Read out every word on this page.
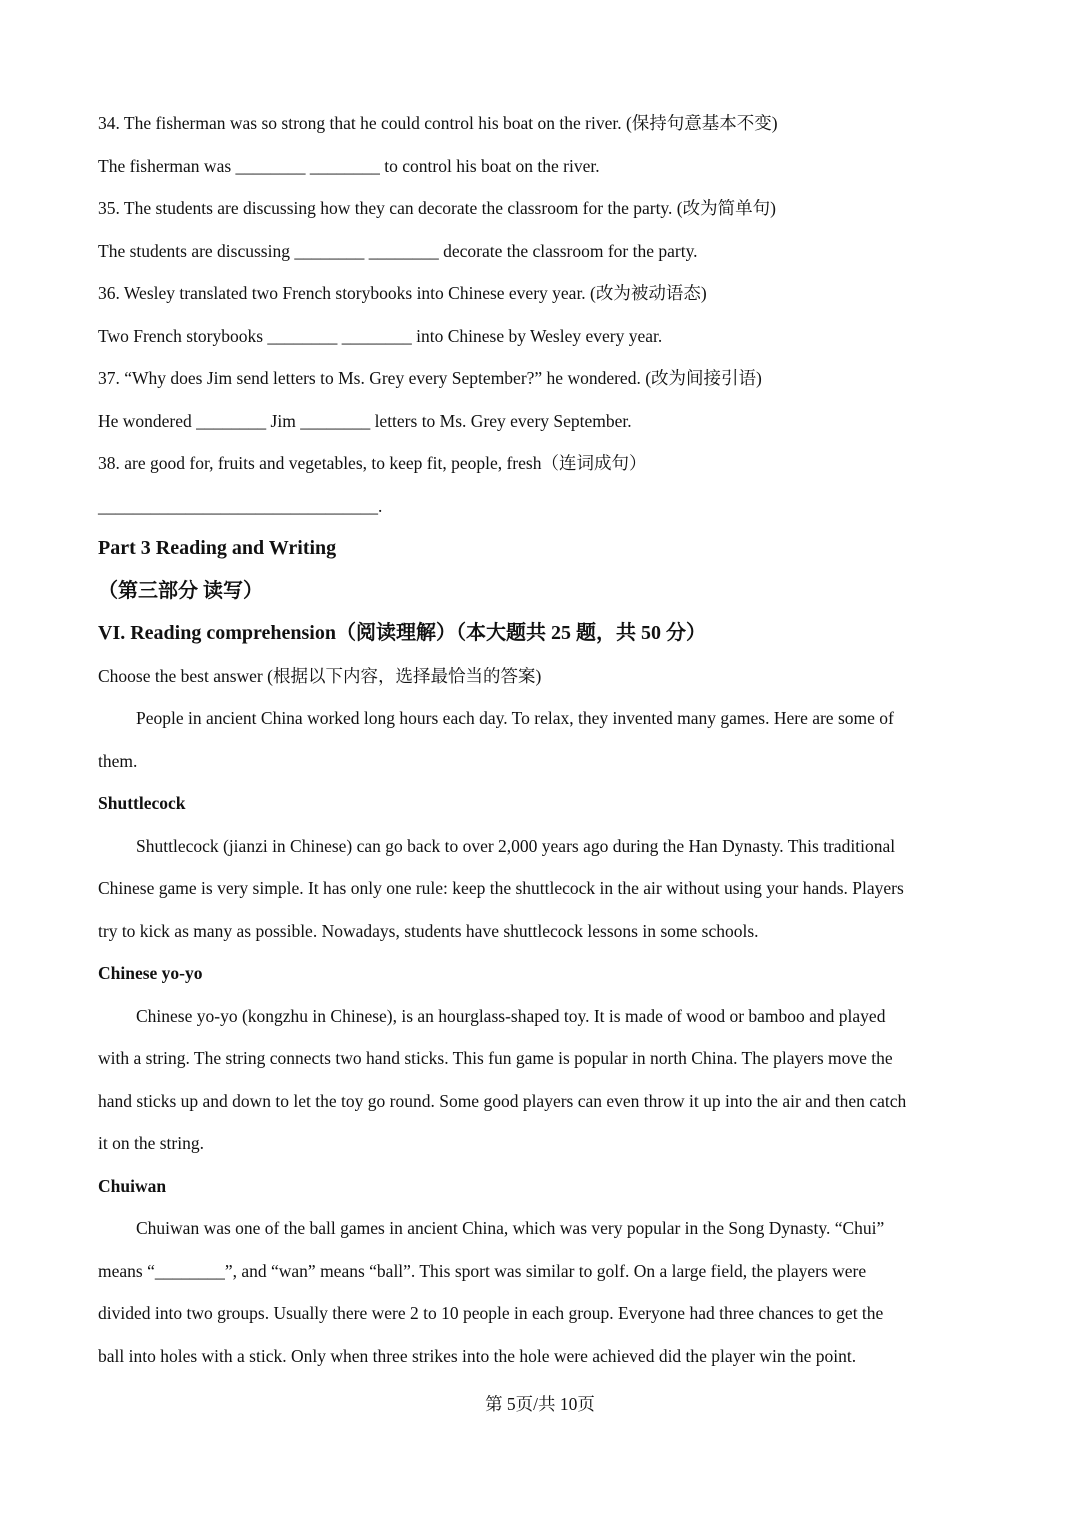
34. The fisherman was so strong that he could control his boat on the river. (保持句意基本不变)
The fisherman was ________ ________ to control his boat on the river.
35. The students are discussing how they can decorate the classroom for the party. (改为简单句)
The students are discussing ________ ________ decorate the classroom for the party.
36. Wesley translated two French storybooks into Chinese every year. (改为被动语态)
Two French storybooks ________ ________ into Chinese by Wesley every year.
37. “Why does Jim send letters to Ms. Grey every September?” he wondered. (改为间接引语)
He wondered ________ Jim ________ letters to Ms. Grey every September.
38. are good for, fruits and vegetables, to keep fit, people, fresh（连词成句）
________________________________.
Part 3 Reading and Writing
（第三部分 读写）
VI. Reading comprehension（阅读理解）（本大题共 25 题，共 50 分）
Choose the best answer (根据以下内容，选择最恰当的答案)
People in ancient China worked long hours each day. To relax, they invented many games. Here are some of
them.
Shuttlecock
Shuttlecock (jianzi in Chinese) can go back to over 2,000 years ago during the Han Dynasty. This traditional
Chinese game is very simple. It has only one rule: keep the shuttlecock in the air without using your hands. Players
try to kick as many as possible. Nowadays, students have shuttlecock lessons in some schools.
Chinese yo-yo
Chinese yo-yo (kongzhu in Chinese), is an hourglass-shaped toy. It is made of wood or bamboo and played
with a string. The string connects two hand sticks. This fun game is popular in north China. The players move the
hand sticks up and down to let the toy go round. Some good players can even throw it up into the air and then catch
it on the string.
Chuiwan
Chuiwan was one of the ball games in ancient China, which was very popular in the Song Dynasty. “Chui”
means “________”, and “wan” means “ball”. This sport was similar to golf. On a large field, the players were
divided into two groups. Usually there were 2 to 10 people in each group. Everyone had three chances to get the
ball into holes with a stick. Only when three strikes into the hole were achieved did the player win the point.
第 5页/共 10页
